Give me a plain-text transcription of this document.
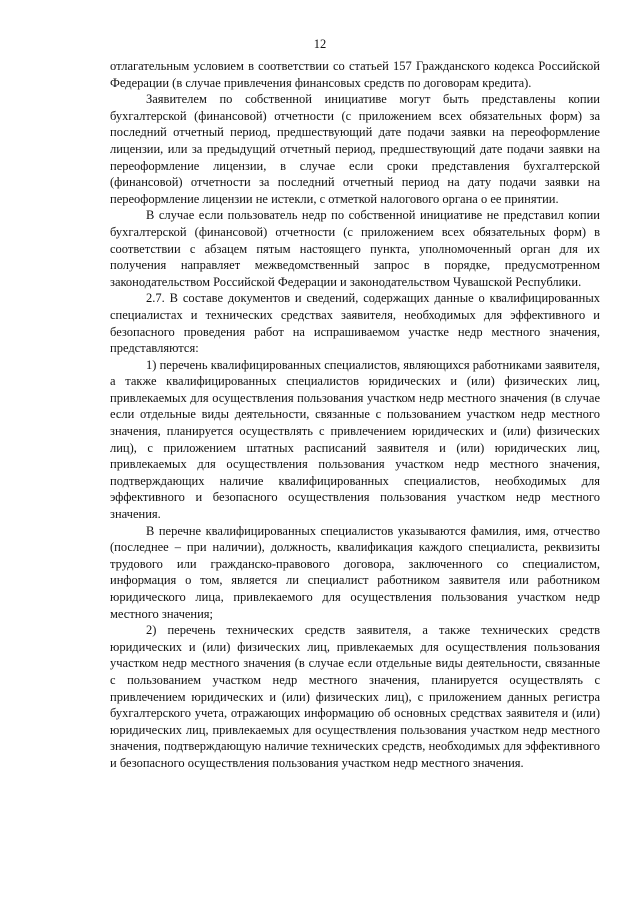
12

отлагательным условием в соответствии со статьей 157 Гражданского кодекса Российской Федерации (в случае привлечения финансовых средств по договорам кредита).

Заявителем по собственной инициативе могут быть представлены копии бухгалтерской (финансовой) отчетности (с приложением всех обязательных форм) за последний отчетный период, предшествующий дате подачи заявки на переоформление лицензии, или за предыдущий отчетный период, предшествующий дате подачи заявки на переоформление лицензии, в случае если сроки представления бухгалтерской (финансовой) отчетности за последний отчетный период на дату подачи заявки на переоформление лицензии не истекли, с отметкой налогового органа о ее принятии.

В случае если пользователь недр по собственной инициативе не представил копии бухгалтерской (финансовой) отчетности (с приложением всех обязательных форм) в соответствии с абзацем пятым настоящего пункта, уполномоченный орган для их получения направляет межведомственный запрос в порядке, предусмотренном законодательством Российской Федерации и законодательством Чувашской Республики.

2.7. В составе документов и сведений, содержащих данные о квалифицированных специалистах и технических средствах заявителя, необходимых для эффективного и безопасного проведения работ на испрашиваемом участке недр местного значения, представляются:

1) перечень квалифицированных специалистов, являющихся работниками заявителя, а также квалифицированных специалистов юридических и (или) физических лиц, привлекаемых для осуществления пользования участком недр местного значения (в случае если отдельные виды деятельности, связанные с пользованием участком недр местного значения, планируется осуществлять с привлечением юридических и (или) физических лиц), с приложением штатных расписаний заявителя и (или) юридических лиц, привлекаемых для осуществления пользования участком недр местного значения, подтверждающих наличие квалифицированных специалистов, необходимых для эффективного и безопасного осуществления пользования участком недр местного значения.

В перечне квалифицированных специалистов указываются фамилия, имя, отчество (последнее – при наличии), должность, квалификация каждого специалиста, реквизиты трудового или гражданско-правового договора, заключенного со специалистом, информация о том, является ли специалист работником заявителя или работником юридического лица, привлекаемого для осуществления пользования участком недр местного значения;

2) перечень технических средств заявителя, а также технических средств юридических и (или) физических лиц, привлекаемых для осуществления пользования участком недр местного значения (в случае если отдельные виды деятельности, связанные с пользованием участком недр местного значения, планируется осуществлять с привлечением юридических и (или) физических лиц), с приложением данных регистра бухгалтерского учета, отражающих информацию об основных средствах заявителя и (или) юридических лиц, привлекаемых для осуществления пользования участком недр местного значения, подтверждающую наличие технических средств, необходимых для эффективного и безопасного осуществления пользования участком недр местного значения.
